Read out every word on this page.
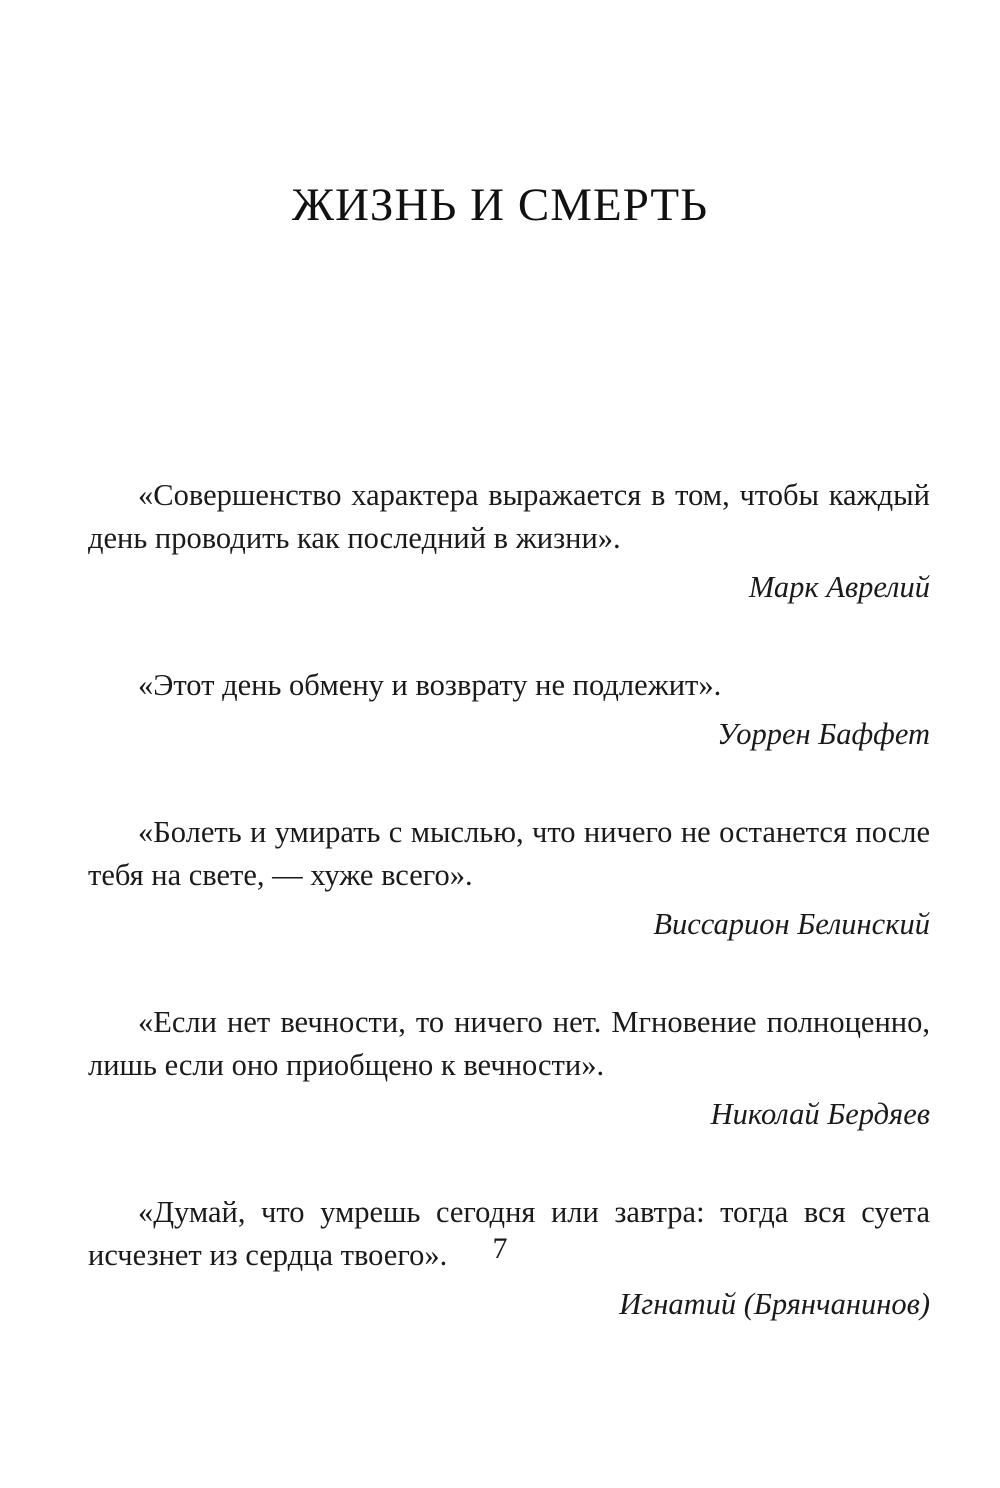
ЖИЗНЬ И СМЕРТЬ

«Совершенство характера выражается в том, чтобы каждый день проводить как последний в жизни».

Марк Аврелий

«Этот день обмену и возврату не подлежит».

Уоррен Баффет

«Болеть и умирать с мыслью, что ничего не останется после тебя на свете, — хуже всего».

Виссарион Белинский

«Если нет вечности, то ничего нет. Мгновение полноценно, лишь если оно приобщено к вечности».

Николай Бердяев

«Думай, что умрешь сегодня или завтра: тогда вся суета исчезнет из сердца твоего».

Игнатий (Брянчанинов)

7
